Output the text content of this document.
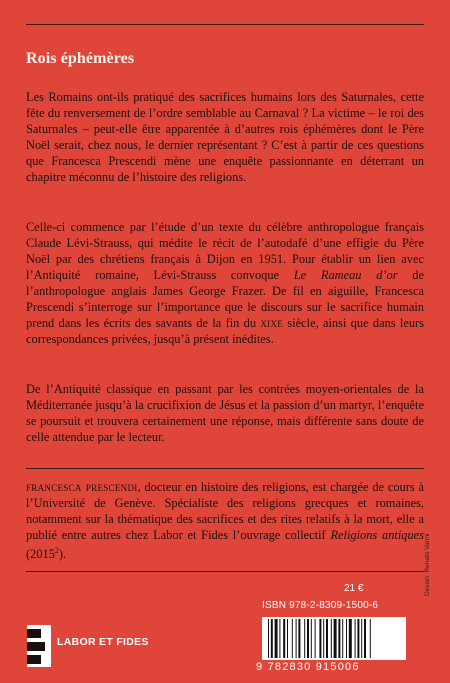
Rois éphémères
Les Romains ont-ils pratiqué des sacrifices humains lors des Saturnales, cette fête du renversement de l’ordre semblable au Carnaval ? La victime – le roi des Saturnales – peut-elle être apparentée à d’autres rois éphémères dont le Père Noël serait, chez nous, le dernier représentant ? C’est à partir de ces questions que Francesca Prescendi mène une enquête passionnante en déterrant un chapitre méconnu de l’histoire des religions.
Celle-ci commence par l’étude d’un texte du célèbre anthropologue français Claude Lévi-Strauss, qui médite le récit de l’autodafé d’une effigie du Père Noël par des chrétiens français à Dijon en 1951. Pour établir un lien avec l’Antiquité romaine, Lévi-Strauss convoque Le Rameau d’or de l’anthropologue anglais James George Frazer. De fil en aiguille, Francesca Prescendi s’interroge sur l’importance que le discours sur le sacrifice humain prend dans les écrits des savants de la fin du xixe siècle, ainsi que dans leurs correspondances privées, jusqu’à présent inédites.
De l’Antiquité classique en passant par les contrées moyen-orientales de la Méditerranée jusqu’à la crucifixion de Jésus et la passion d’un martyr, l’enquête se poursuit et trouvera certainement une réponse, mais différente sans doute de celle attendue par le lecteur.
francesca prescendi, docteur en histoire des religions, est chargée de cours à l’Université de Genève. Spécialiste des religions grecques et romaines, notamment sur la thématique des sacrifices et des rites relatifs à la mort, elle a publié entre autres chez Labor et Fides l’ouvrage collectif Religions antiques (2015$^2$).
21 €
ISBN 978-2-8309-1500-6
9 782830 915006
Dessin: Renato Vanni
LABOR ET FIDES
